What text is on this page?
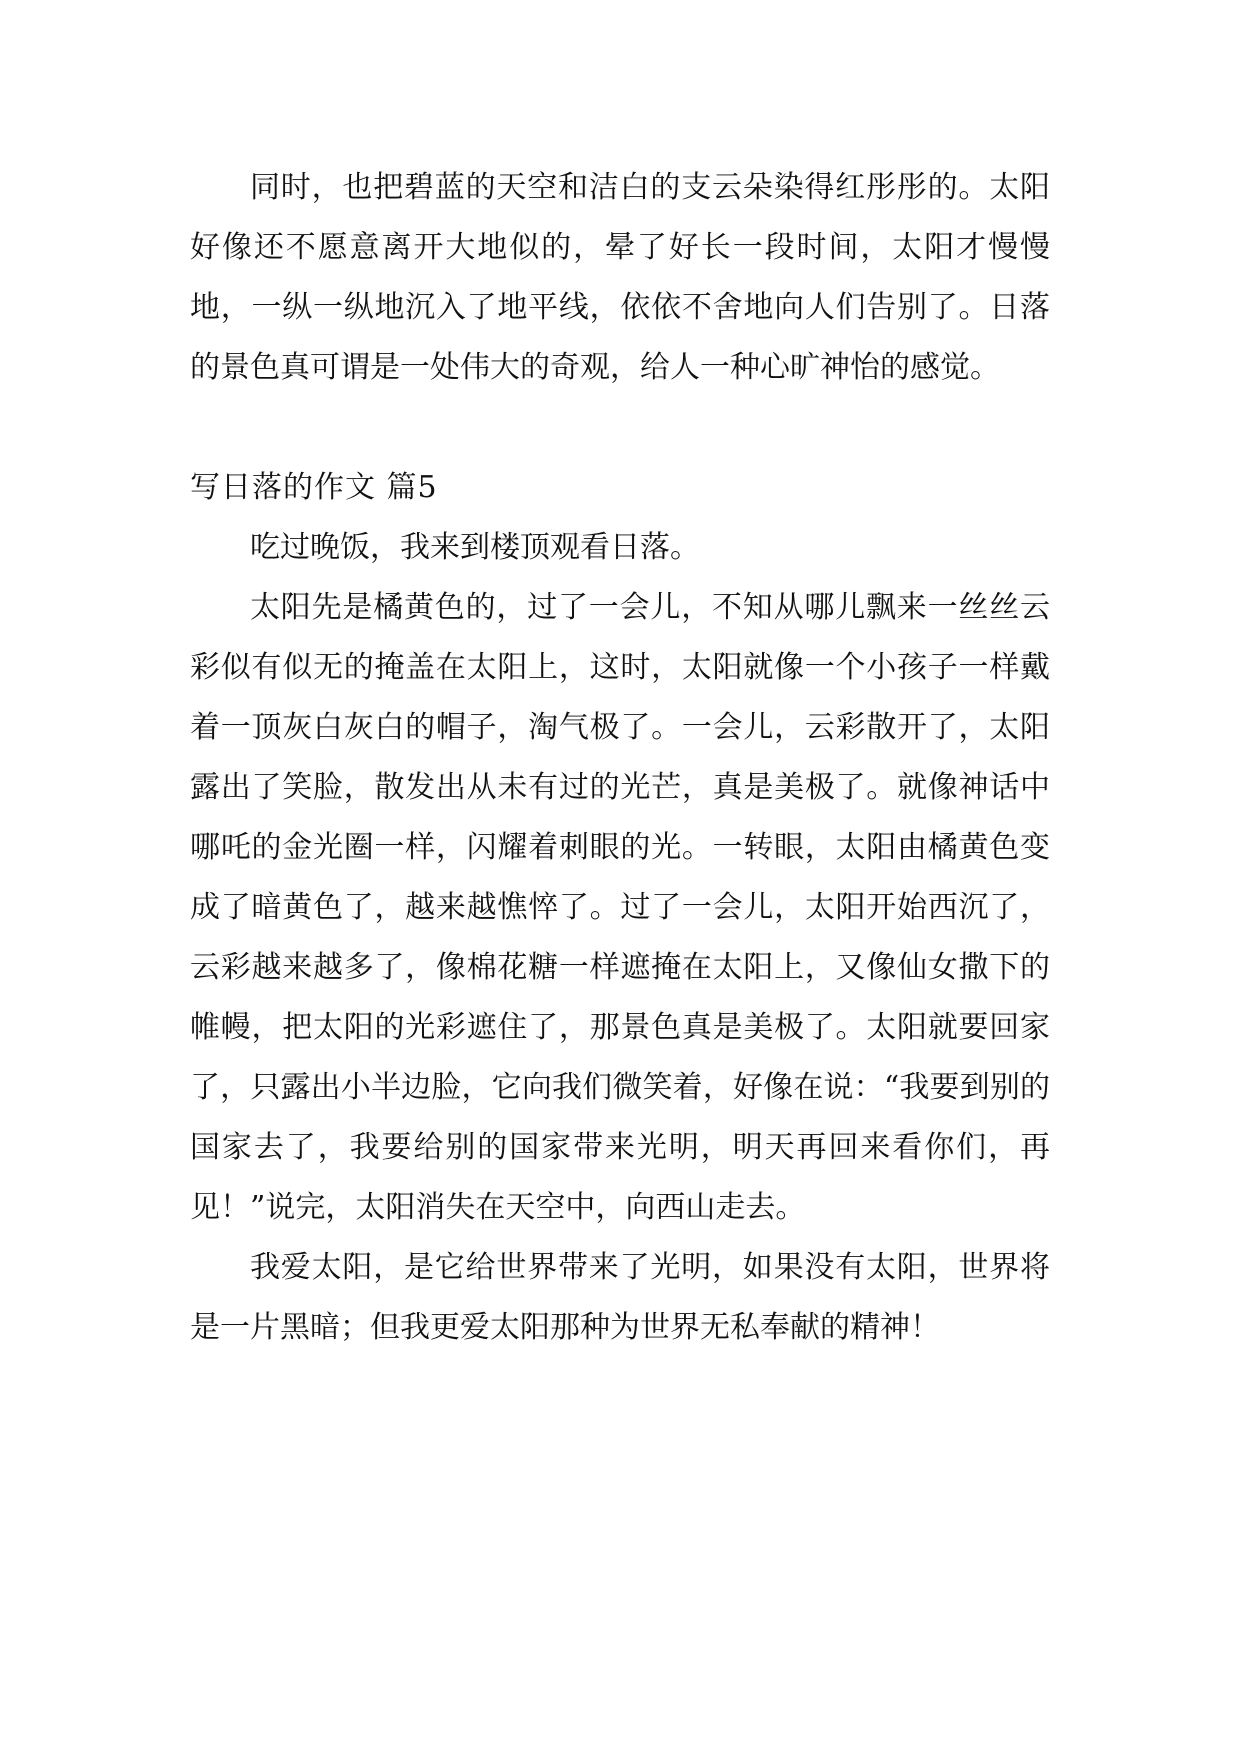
同时，也把碧蓝的天空和洁白的支云朵染得红彤彤的。太阳好像还不愿意离开大地似的，晕了好长一段时间，太阳才慢慢地，一纵一纵地沉入了地平线，依依不舍地向人们告别了。日落的景色真可谓是一处伟大的奇观，给人一种心旷神怡的感觉。

写日落的作文 篇5

吃过晚饭，我来到楼顶观看日落。

太阳先是橘黄色的，过了一会儿，不知从哪儿飘来一丝丝云彩似有似无的掩盖在太阳上，这时，太阳就像一个小孩子一样戴着一顶灰白灰白的帽子，淘气极了。一会儿，云彩散开了，太阳露出了笑脸，散发出从未有过的光芒，真是美极了。就像神话中哪吒的金光圈一样，闪耀着刺眼的光。一转眼，太阳由橘黄色变成了暗黄色了，越来越憔悴了。过了一会儿，太阳开始西沉了，云彩越来越多了，像棉花糖一样遮掩在太阳上，又像仙女撒下的帷幔，把太阳的光彩遮住了，那景色真是美极了。太阳就要回家了，只露出小半边脸，它向我们微笑着，好像在说：“我要到别的国家去了，我要给别的国家带来光明，明天再回来看你们，再见！”说完，太阳消失在天空中，向西山走去。

我爱太阳，是它给世界带来了光明，如果没有太阳，世界将是一片黑暗；但我更爱太阳那种为世界无私奉献的精神！
